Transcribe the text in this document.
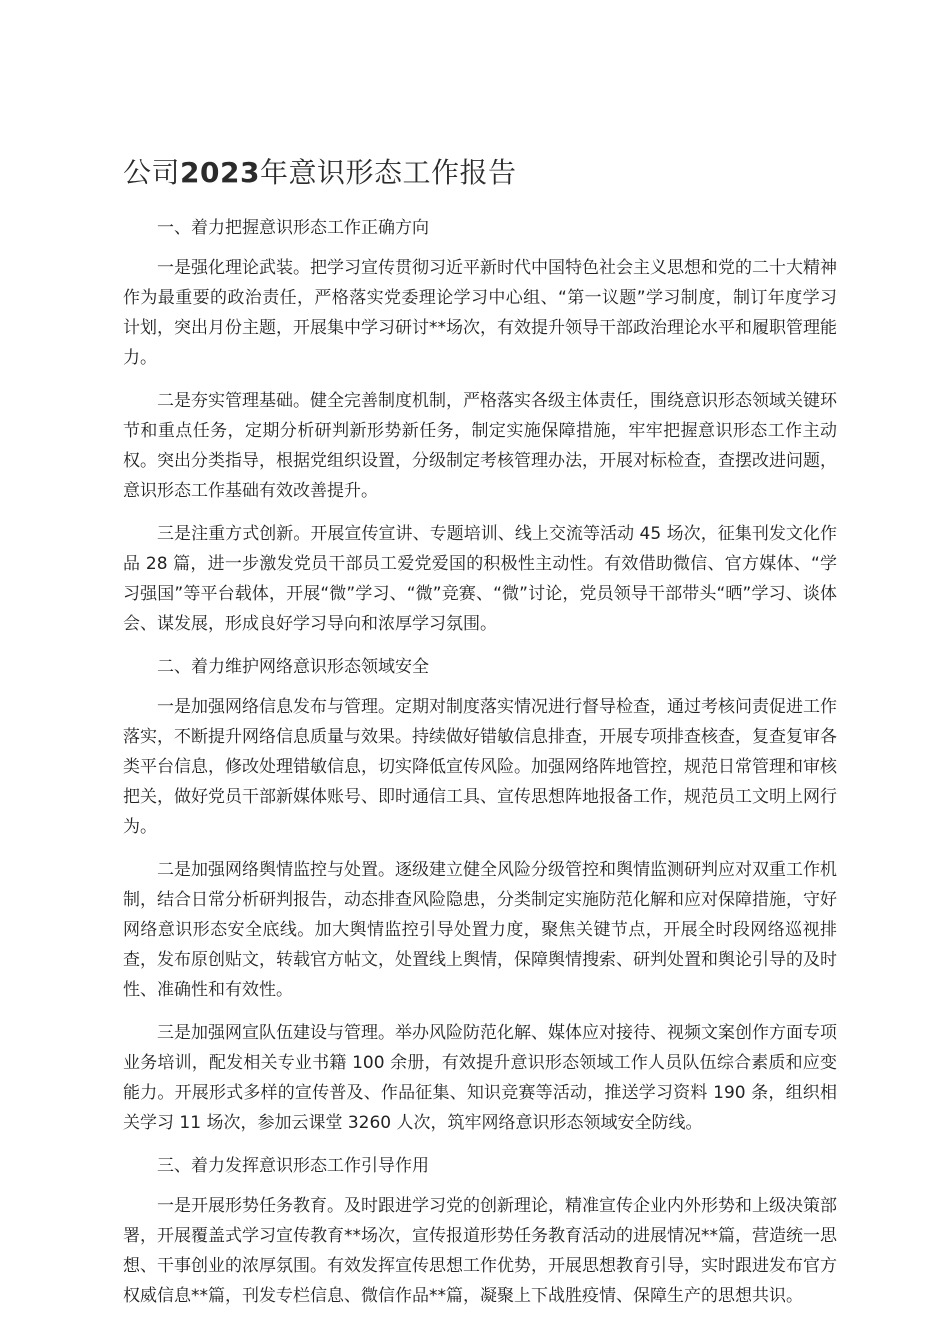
公司2023年意识形态工作报告

一、着力把握意识形态工作正确方向

一是强化理论武装。把学习宣传贯彻习近平新时代中国特色社会主义思想和党的二十大精神作为最重要的政治责任，严格落实党委理论学习中心组、“第一议题”学习制度，制订年度学习计划，突出月份主题，开展集中学习研讨**场次，有效提升领导干部政治理论水平和履职管理能力。

二是夯实管理基础。健全完善制度机制，严格落实各级主体责任，围绕意识形态领域关键环节和重点任务，定期分析研判新形势新任务，制定实施保障措施，牢牢把握意识形态工作主动权。突出分类指导，根据党组织设置，分级制定考核管理办法，开展对标检查，查摆改进问题，意识形态工作基础有效改善提升。

三是注重方式创新。开展宣传宣讲、专题培训、线上交流等活动 45 场次，征集刊发文化作品 28 篇，进一步激发党员干部员工爱党爱国的积极性主动性。有效借助微信、官方媒体、“学习强国”等平台载体，开展“微”学习、“微”竞赛、“微”讨论，党员领导干部带头“晒”学习、谈体会、谋发展，形成良好学习导向和浓厚学习氛围。

二、着力维护网络意识形态领域安全

一是加强网络信息发布与管理。定期对制度落实情况进行督导检查，通过考核问责促进工作落实，不断提升网络信息质量与效果。持续做好错敏信息排查，开展专项排查核查，复查复审各类平台信息，修改处理错敏信息，切实降低宣传风险。加强网络阵地管控，规范日常管理和审核把关，做好党员干部新媒体账号、即时通信工具、宣传思想阵地报备工作，规范员工文明上网行为。

二是加强网络舆情监控与处置。逐级建立健全风险分级管控和舆情监测研判应对双重工作机制，结合日常分析研判报告，动态排查风险隐患，分类制定实施防范化解和应对保障措施，守好网络意识形态安全底线。加大舆情监控引导处置力度，聚焦关键节点，开展全时段网络巡视排查，发布原创贴文，转载官方帖文，处置线上舆情，保障舆情搜索、研判处置和舆论引导的及时性、准确性和有效性。

三是加强网宣队伍建设与管理。举办风险防范化解、媒体应对接待、视频文案创作方面专项业务培训，配发相关专业书籍 100 余册，有效提升意识形态领域工作人员队伍综合素质和应变能力。开展形式多样的宣传普及、作品征集、知识竞赛等活动，推送学习资料 190 条，组织相关学习 11 场次，参加云课堂 3260 人次，筑牢网络意识形态领域安全防线。

三、着力发挥意识形态工作引导作用

一是开展形势任务教育。及时跟进学习党的创新理论，精准宣传企业内外形势和上级决策部署，开展覆盖式学习宣传教育**场次，宣传报道形势任务教育活动的进展情况**篇，营造统一思想、干事创业的浓厚氛围。有效发挥宣传思想工作优势，开展思想教育引导，实时跟进发布官方权威信息**篇，刊发专栏信息、微信作品**篇，凝聚上下战胜疫情、保障生产的思想共识。
